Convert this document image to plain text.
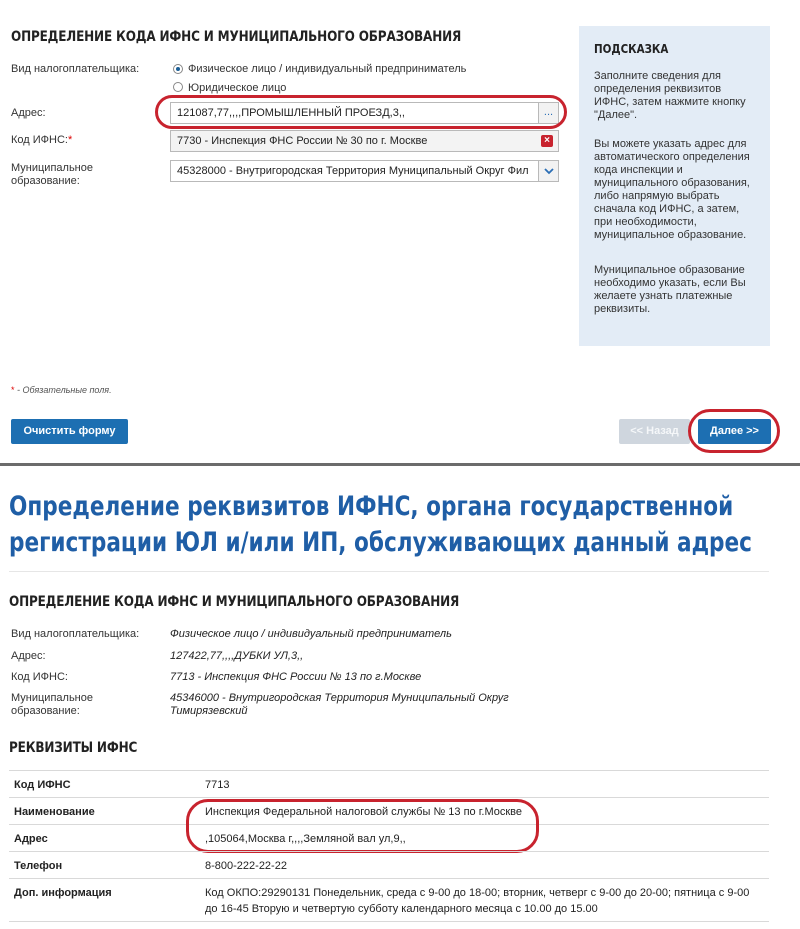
ОПРЕДЕЛЕНИЕ КОДА ИФНС И МУНИЦИПАЛЬНОГО ОБРАЗОВАНИЯ
Вид налогоплательщика:	Физическое лицо / индивидуальный предприниматель
Юридическое лицо
Адрес:	121087,77,,,,ПРОМЫШЛЕННЫЙ ПРОЕЗД,3,,	...
Код ИФНС:*	7730 - Инспекция ФНС России № 30 по г. Москве	×
Муниципальное
образование:
45328000 - Внутригородская Территория Муниципальный Округ Фил
ПОДСКАЗКА
Заполните сведения для
определения реквизитов
ИФНС, затем нажмите кнопку
"Далее".
Вы можете указать адрес для
автоматического определения
кода инспекции и
муниципального образования,
либо напрямую выбрать
сначала код ИФНС, а затем,
при необходимости,
муниципальное образование.
Муниципальное образование
необходимо указать, если Вы
желаете узнать платежные
реквизиты.
* - Обязательные поля.
Очистить форму	<< Назад	Далее >>
Определение реквизитов ИФНС, органа государственной
регистрации ЮЛ и/или ИП, обслуживающих данный адрес
ОПРЕДЕЛЕНИЕ КОДА ИФНС И МУНИЦИПАЛЬНОГО ОБРАЗОВАНИЯ
Вид налогоплательщика:	Физическое лицо / индивидуальный предприниматель
Адрес:	127422,77,,,,ДУБКИ УЛ,3,,
Код ИФНС:	7713 - Инспекция ФНС России № 13 по г.Москве
Муниципальное
образование:
45346000 - Внутригородская Территория Муниципальный Округ
Тимирязевский
РЕКВИЗИТЫ ИФНС
Код ИФНС	7713
Наименование	Инспекция Федеральной налоговой службы № 13 по г.Москве
Адрес	,105064,Москва г,,,,Земляной вал ул,9,,
Телефон	8-800-222-22-22
Доп. информация	Код ОКПО:29290131 Понедельник, среда с 9-00 до 18-00; вторник, четверг с 9-00 до 20-00; пятница с 9-00
до 16-45 Вторую и четвертую субботу календарного месяца с 10.00 до 15.00
